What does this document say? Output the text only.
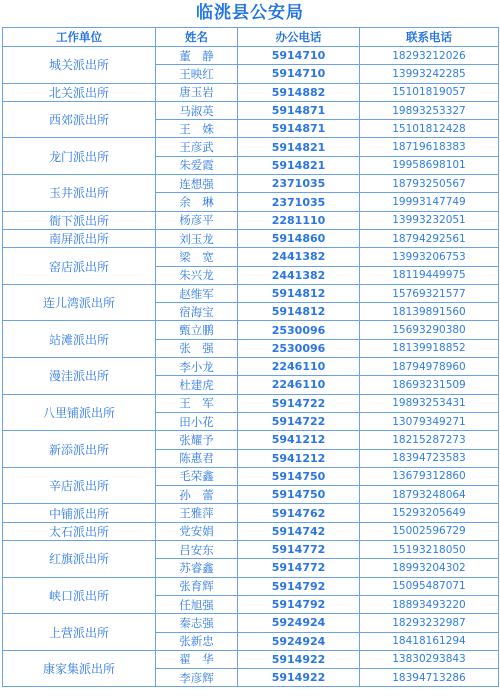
临洮县公安局
工作单位	姓名	办公电话	联系电话
城关派出所	董　静	5914710	18293212026
	王映红	5914710	13993242285
北关派出所	唐玉岩	5914882	15101819057
西郊派出所	马淑英	5914871	19893253327
	王　姝	5914871	15101812428
龙门派出所	王彦武	5914821	18719618383
	朱爱霞	5914821	19958698101
玉井派出所	连想强	2371035	18793250567
	余　琳	2371035	19993147749
衙下派出所	杨彦平	2281110	13993232051
南屏派出所	刘玉龙	5914860	18794292561
窑店派出所	梁　宽	2441382	13993206753
	朱兴龙	2441382	18119449975
连儿湾派出所	赵维军	5914812	15769321577
	宿海宝	5914812	18139891560
站滩派出所	甄立鹏	2530096	15693290380
	张　强	2530096	18139918852
漫洼派出所	李小龙	2246110	18794978960
	杜建虎	2246110	18693231509
八里铺派出所	王　军	5914722	19893253431
	田小花	5914722	13079349271
新添派出所	张耀予	5941212	18215287273
	陈惠君	5941212	18394723583
辛店派出所	毛荣鑫	5914750	13679312860
	孙　蕾	5914750	18793248064
中铺派出所	王雅萍	5914762	15293205649
太石派出所	党安娟	5914742	15002596729
红旗派出所	吕安东	5914772	15193218050
	苏睿鑫	5914772	18993204302
峡口派出所	张育辉	5914792	15095487071
	任旭强	5914792	18893493220
上营派出所	秦志强	5924924	18293232987
	张新忠	5924924	18418161294
康家集派出所	翟　华	5914922	13830293843
	李彦辉	5914922	18394713286
